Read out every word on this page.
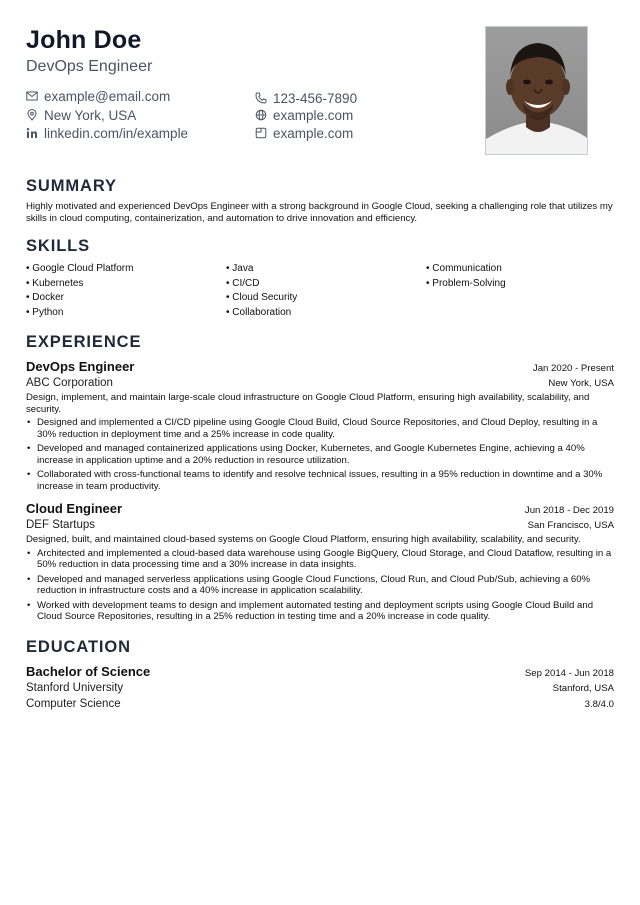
John Doe
DevOps Engineer
example@email.com	123-456-7890
New York, USA	example.com
linkedin.com/in/example	example.com
SUMMARY
Highly motivated and experienced DevOps Engineer with a strong background in Google Cloud, seeking a challenging role that utilizes my skills in cloud computing, containerization, and automation to drive innovation and efficiency.
SKILLS
• Google Cloud Platform	• Java	• Communication
• Kubernetes	• CI/CD	• Problem-Solving
• Docker	• Cloud Security
• Python	• Collaboration
EXPERIENCE
DevOps Engineer	Jan 2020 - Present
ABC Corporation	New York, USA
Design, implement, and maintain large-scale cloud infrastructure on Google Cloud Platform, ensuring high availability, scalability, and security.
• Designed and implemented a CI/CD pipeline using Google Cloud Build, Cloud Source Repositories, and Cloud Deploy, resulting in a 30% reduction in deployment time and a 25% increase in code quality.
• Developed and managed containerized applications using Docker, Kubernetes, and Google Kubernetes Engine, achieving a 40% increase in application uptime and a 20% reduction in resource utilization.
• Collaborated with cross-functional teams to identify and resolve technical issues, resulting in a 95% reduction in downtime and a 30% increase in team productivity.
Cloud Engineer	Jun 2018 - Dec 2019
DEF Startups	San Francisco, USA
Designed, built, and maintained cloud-based systems on Google Cloud Platform, ensuring high availability, scalability, and security.
• Architected and implemented a cloud-based data warehouse using Google BigQuery, Cloud Storage, and Cloud Dataflow, resulting in a 50% reduction in data processing time and a 30% increase in data insights.
• Developed and managed serverless applications using Google Cloud Functions, Cloud Run, and Cloud Pub/Sub, achieving a 60% reduction in infrastructure costs and a 40% increase in application scalability.
• Worked with development teams to design and implement automated testing and deployment scripts using Google Cloud Build and Cloud Source Repositories, resulting in a 25% reduction in testing time and a 20% increase in code quality.
EDUCATION
Bachelor of Science	Sep 2014 - Jun 2018
Stanford University	Stanford, USA
Computer Science	3.8/4.0
